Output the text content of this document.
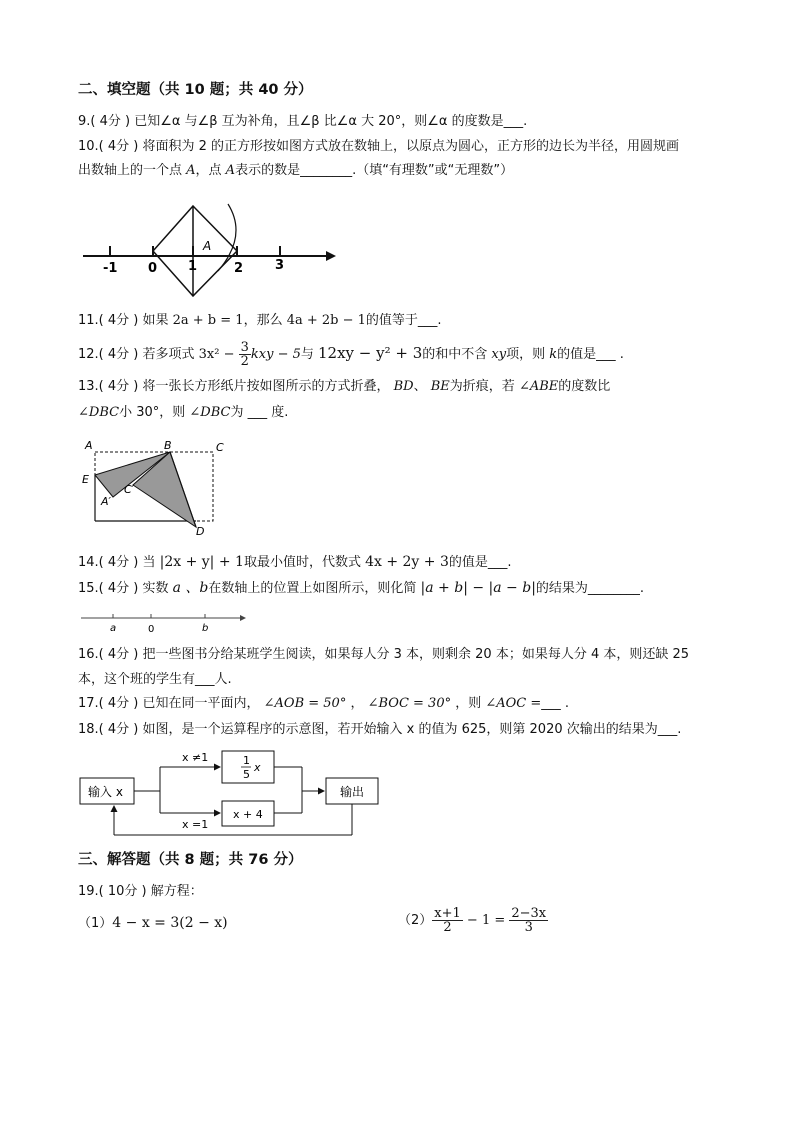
二、填空题（共 10 题；共 40 分）
9.( 4分 ) 已知∠α 与∠β 互为补角，且∠β 比∠α 大 20°，则∠α 的度数是___.
10.( 4分 ) 将面积为 2 的正方形按如图方式放在数轴上，以原点为圆心，正方形的边长为半径，用圆规画
出数轴上的一个点 A，点 A表示的数是________.（填“有理数”或“无理数”）
-1 0 1	2 3
A
11.( 4分 ) 如果 2a + b = 1，那么 4a + 2b − 1的值等于___.
12.( 4分 ) 若多项式 $3x^2 - \frac{3}{2}$ kxy − 5与 12xy − y² + 3的和中不含 xy项，则 k的值是___ .
13.( 4分 ) 将一张长方形纸片按如图所示的方式折叠， BD、 BE为折痕，若 ∠ABE的度数比
∠DBC小 30°，则 ∠DBC为 ___ 度.
A	B	C
E
A′
C′
D
14.( 4分 ) 当 |2x + y| + 1取最小值时，代数式 4x + 2y + 3的值是___.
15.( 4分 ) 实数 a 、b在数轴上的位置上如图所示，则化简 |a + b| − |a − b|的结果为________.
a	0	b
16.( 4分 ) 把一些图书分给某班学生阅读，如果每人分 3 本，则剩余 20 本；如果每人分 4 本，则还缺 25
本，这个班的学生有___人.
17.( 4分 ) 已知在同一平面内， ∠AOB = 50° ， ∠BOC = 30° ，则 ∠AOC =___ .
18.( 4分 ) 如图，是一个运算程序的示意图，若开始输入 x 的值为 625，则第 2020 次输出的结果为___.
输入 x	输出
x ≠1
x =1
1
5
x
x + 4
三、解答题（共 8 题；共 76 分）
19.( 10分 ) 解方程：
（1）4 − x = 3(2 − x)	$(2) \frac{x+1}{2} - 1 = \frac{2-3x}{3}$
